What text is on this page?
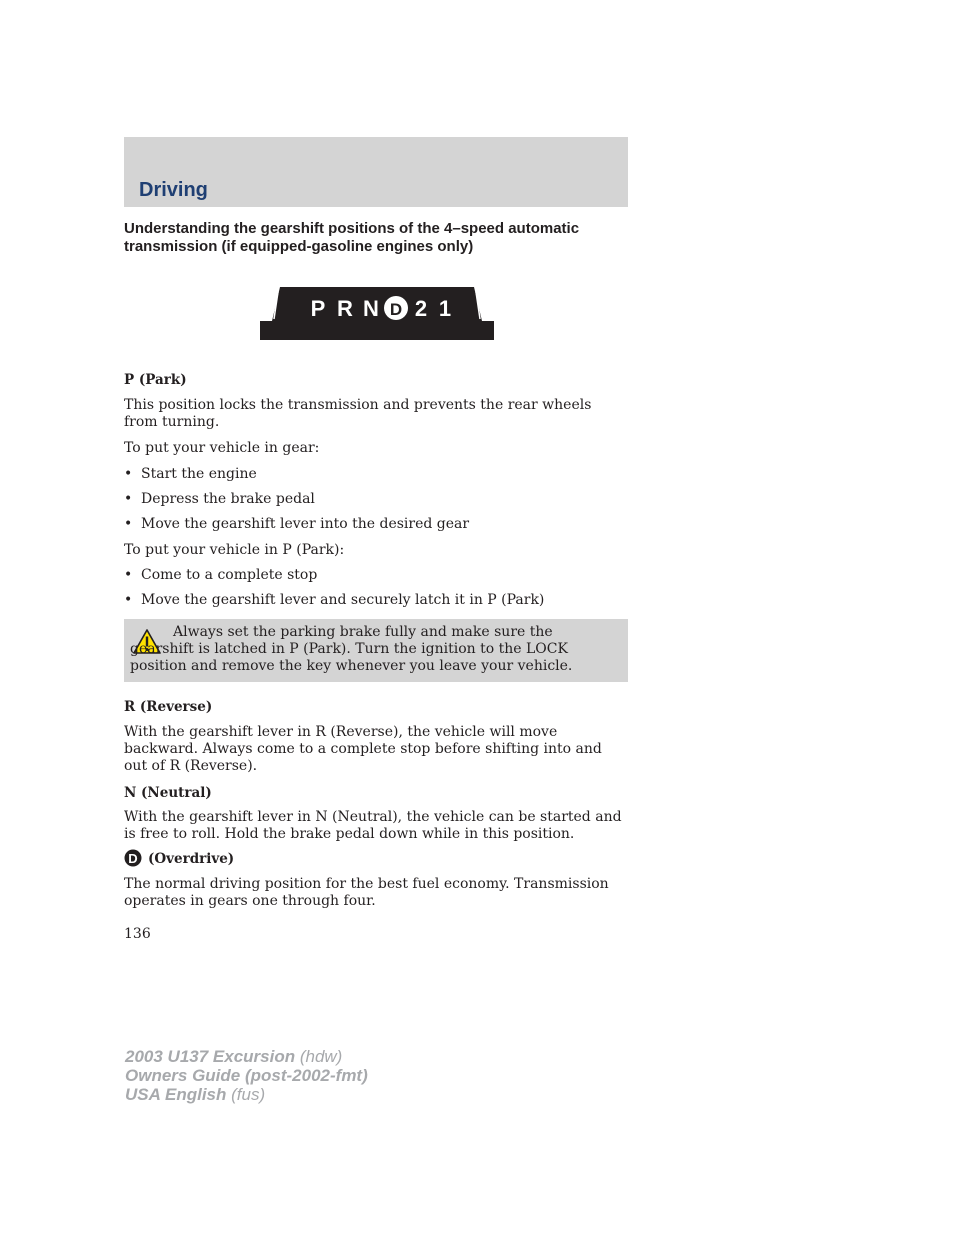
Driving
Understanding the gearshift positions of the 4–speed automatic transmission (if equipped-gasoline engines only)
P R N D 2 1
P (Park)
This position locks the transmission and prevents the rear wheels from turning.
To put your vehicle in gear:
• Start the engine
• Depress the brake pedal
• Move the gearshift lever into the desired gear
To put your vehicle in P (Park):
• Come to a complete stop
• Move the gearshift lever and securely latch it in P (Park)
Always set the parking brake fully and make sure the gearshift is latched in P (Park). Turn the ignition to the LOCK position and remove the key whenever you leave your vehicle.
R (Reverse)
With the gearshift lever in R (Reverse), the vehicle will move backward. Always come to a complete stop before shifting into and out of R (Reverse).
N (Neutral)
With the gearshift lever in N (Neutral), the vehicle can be started and is free to roll. Hold the brake pedal down while in this position.
D (Overdrive)
The normal driving position for the best fuel economy. Transmission operates in gears one through four.
136
2003 U137 Excursion (hdw)
Owners Guide (post-2002-fmt)
USA English (fus)
